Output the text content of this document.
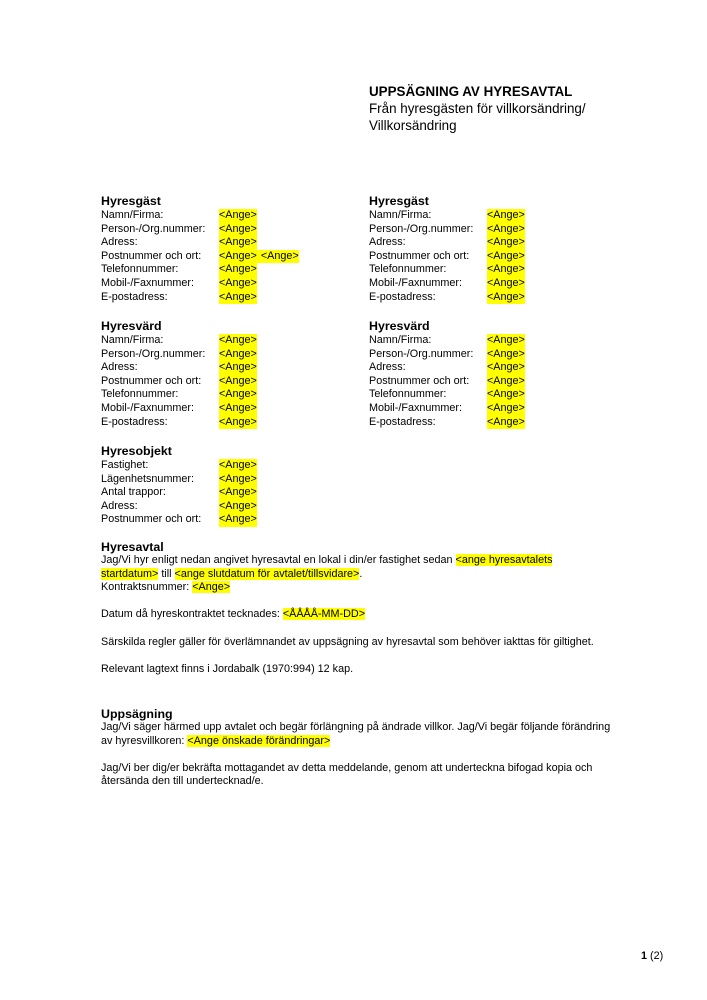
UPPSÄGNING AV HYRESAVTAL
Från hyresgästen för villkorsändring/
Villkorsändring
Hyresgäst
Namn/Firma:	<Ange>
Person-/Org.nummer:	<Ange>
Adress:	<Ange>
Postnummer och ort:	<Ange> <Ange>
Telefonnummer:	<Ange>
Mobil-/Faxnummer:	<Ange>
E-postadress:	<Ange>
Hyresgäst
Namn/Firma:	<Ange>
Person-/Org.nummer:	<Ange>
Adress:	<Ange>
Postnummer och ort:	<Ange>
Telefonnummer:	<Ange>
Mobil-/Faxnummer:	<Ange>
E-postadress:	<Ange>
Hyresvärd
Namn/Firma:	<Ange>
Person-/Org.nummer:	<Ange>
Adress:	<Ange>
Postnummer och ort:	<Ange>
Telefonnummer:	<Ange>
Mobil-/Faxnummer:	<Ange>
E-postadress:	<Ange>
Hyresvärd
Namn/Firma:	<Ange>
Person-/Org.nummer:	<Ange>
Adress:	<Ange>
Postnummer och ort:	<Ange>
Telefonnummer:	<Ange>
Mobil-/Faxnummer:	<Ange>
E-postadress:	<Ange>
Hyresobjekt
Fastighet:	<Ange>
Lägenhetsnummer:	<Ange>
Antal trappor:	<Ange>
Adress:	<Ange>
Postnummer och ort:	<Ange>
Hyresavtal

Jag/Vi hyr enligt nedan angivet hyresavtal en lokal i din/er fastighet sedan <ange hyresavtalets
startdatum> till <ange slutdatum för avtalet/tillsvidare>.
Kontraktsnummer: <Ange>

Datum då hyreskontraktet tecknades: <ÅÅÅÅ-MM-DD>

Särskilda regler gäller för överlämnandet av uppsägning av hyresavtal som behöver iakttas för giltighet.

Relevant lagtext finns i Jordabalk (1970:994) 12 kap.

Uppsägning

Jag/Vi säger härmed upp avtalet och begär förlängning på ändrade villkor. Jag/Vi begär följande förändring av hyresvillkoren: <Ange önskade förändringar>

Jag/Vi ber dig/er bekräfta mottagandet av detta meddelande, genom att underteckna bifogad kopia och återsända den till undertecknad/e.

1 (2)
